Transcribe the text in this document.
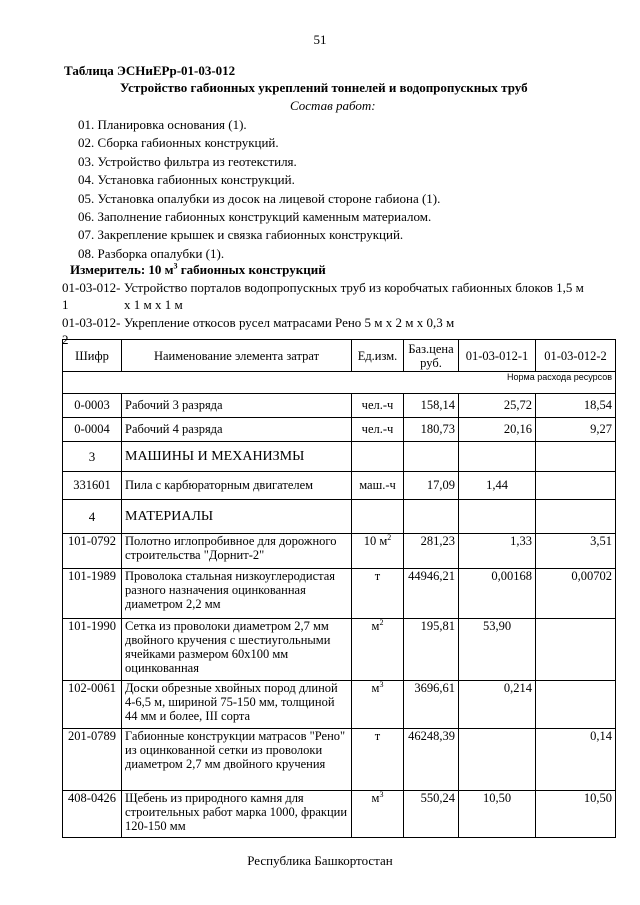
51
Таблица ЭСНиЕРр-01-03-012
Устройство габионных укреплений тоннелей и водопропускных труб
Состав работ:
01. Планировка основания (1).
02. Сборка габионных конструкций.
03. Устройство фильтра из геотекстиля.
04. Установка габионных конструкций.
05. Установка опалубки из досок на лицевой стороне габиона (1).
06. Заполнение габионных конструкций каменным материалом.
07. Закрепление крышек и связка габионных конструкций.
08. Разборка опалубки (1).
Измеритель: 10 $м^3$ габионных конструкций
01-03-012-1
Устройство порталов водопропускных труб из коробчатых габионных блоков 1,5 м
х 1 м х 1 м
01-03-012-2
Укрепление откосов русел матрасами Рено 5 м х 2 м х 0,3 м
Шифр	Наименование элемента затрат	Ед.изм.	Баз.цена руб.	01-03-012-1	01-03-012-2
Норма расхода ресурсов					
0-0003	Рабочий 3 разряда	чел.-ч	158,14	25,72	18,54
0-0004	Рабочий 4 разряда	чел.-ч	180,73	20,16	9,27
3	МАШИНЫ И МЕХАНИЗМЫ				
331601	Пила с карбюраторным двигателем	маш.-ч	17,09	1,44	
4	МАТЕРИАЛЫ				
101-0792	Полотно иглопробивное для дорожного строительства "Дорнит-2"	10 $м^2$	281,23	1,33	3,51
101-1989	Проволока стальная низкоуглеродистая разного назначения оцинкованная диаметром 2,2 мм	т	44946,21	0,00168	0,00702
101-1990	Сетка из проволоки диаметром 2,7 мм двойного кручения с шестиугольными ячейками размером 60х100 мм оцинкованная	$м^2$	195,81	53,90	
102-0061	Доски обрезные хвойных пород длиной 4-6,5 м, шириной 75-150 мм, толщиной 44 мм и более, III сорта	$м^3$	3696,61	0,214	
201-0789	Габионные конструкции матрасов "Рено" из оцинкованной сетки из проволоки диаметром 2,7 мм двойного кручения	т	46248,39		0,14
408-0426	Щебень из природного камня для строительных работ марка 1000, фракции 120-150 мм	$м^3$	550,24	10,50	10,50
Республика Башкортостан
